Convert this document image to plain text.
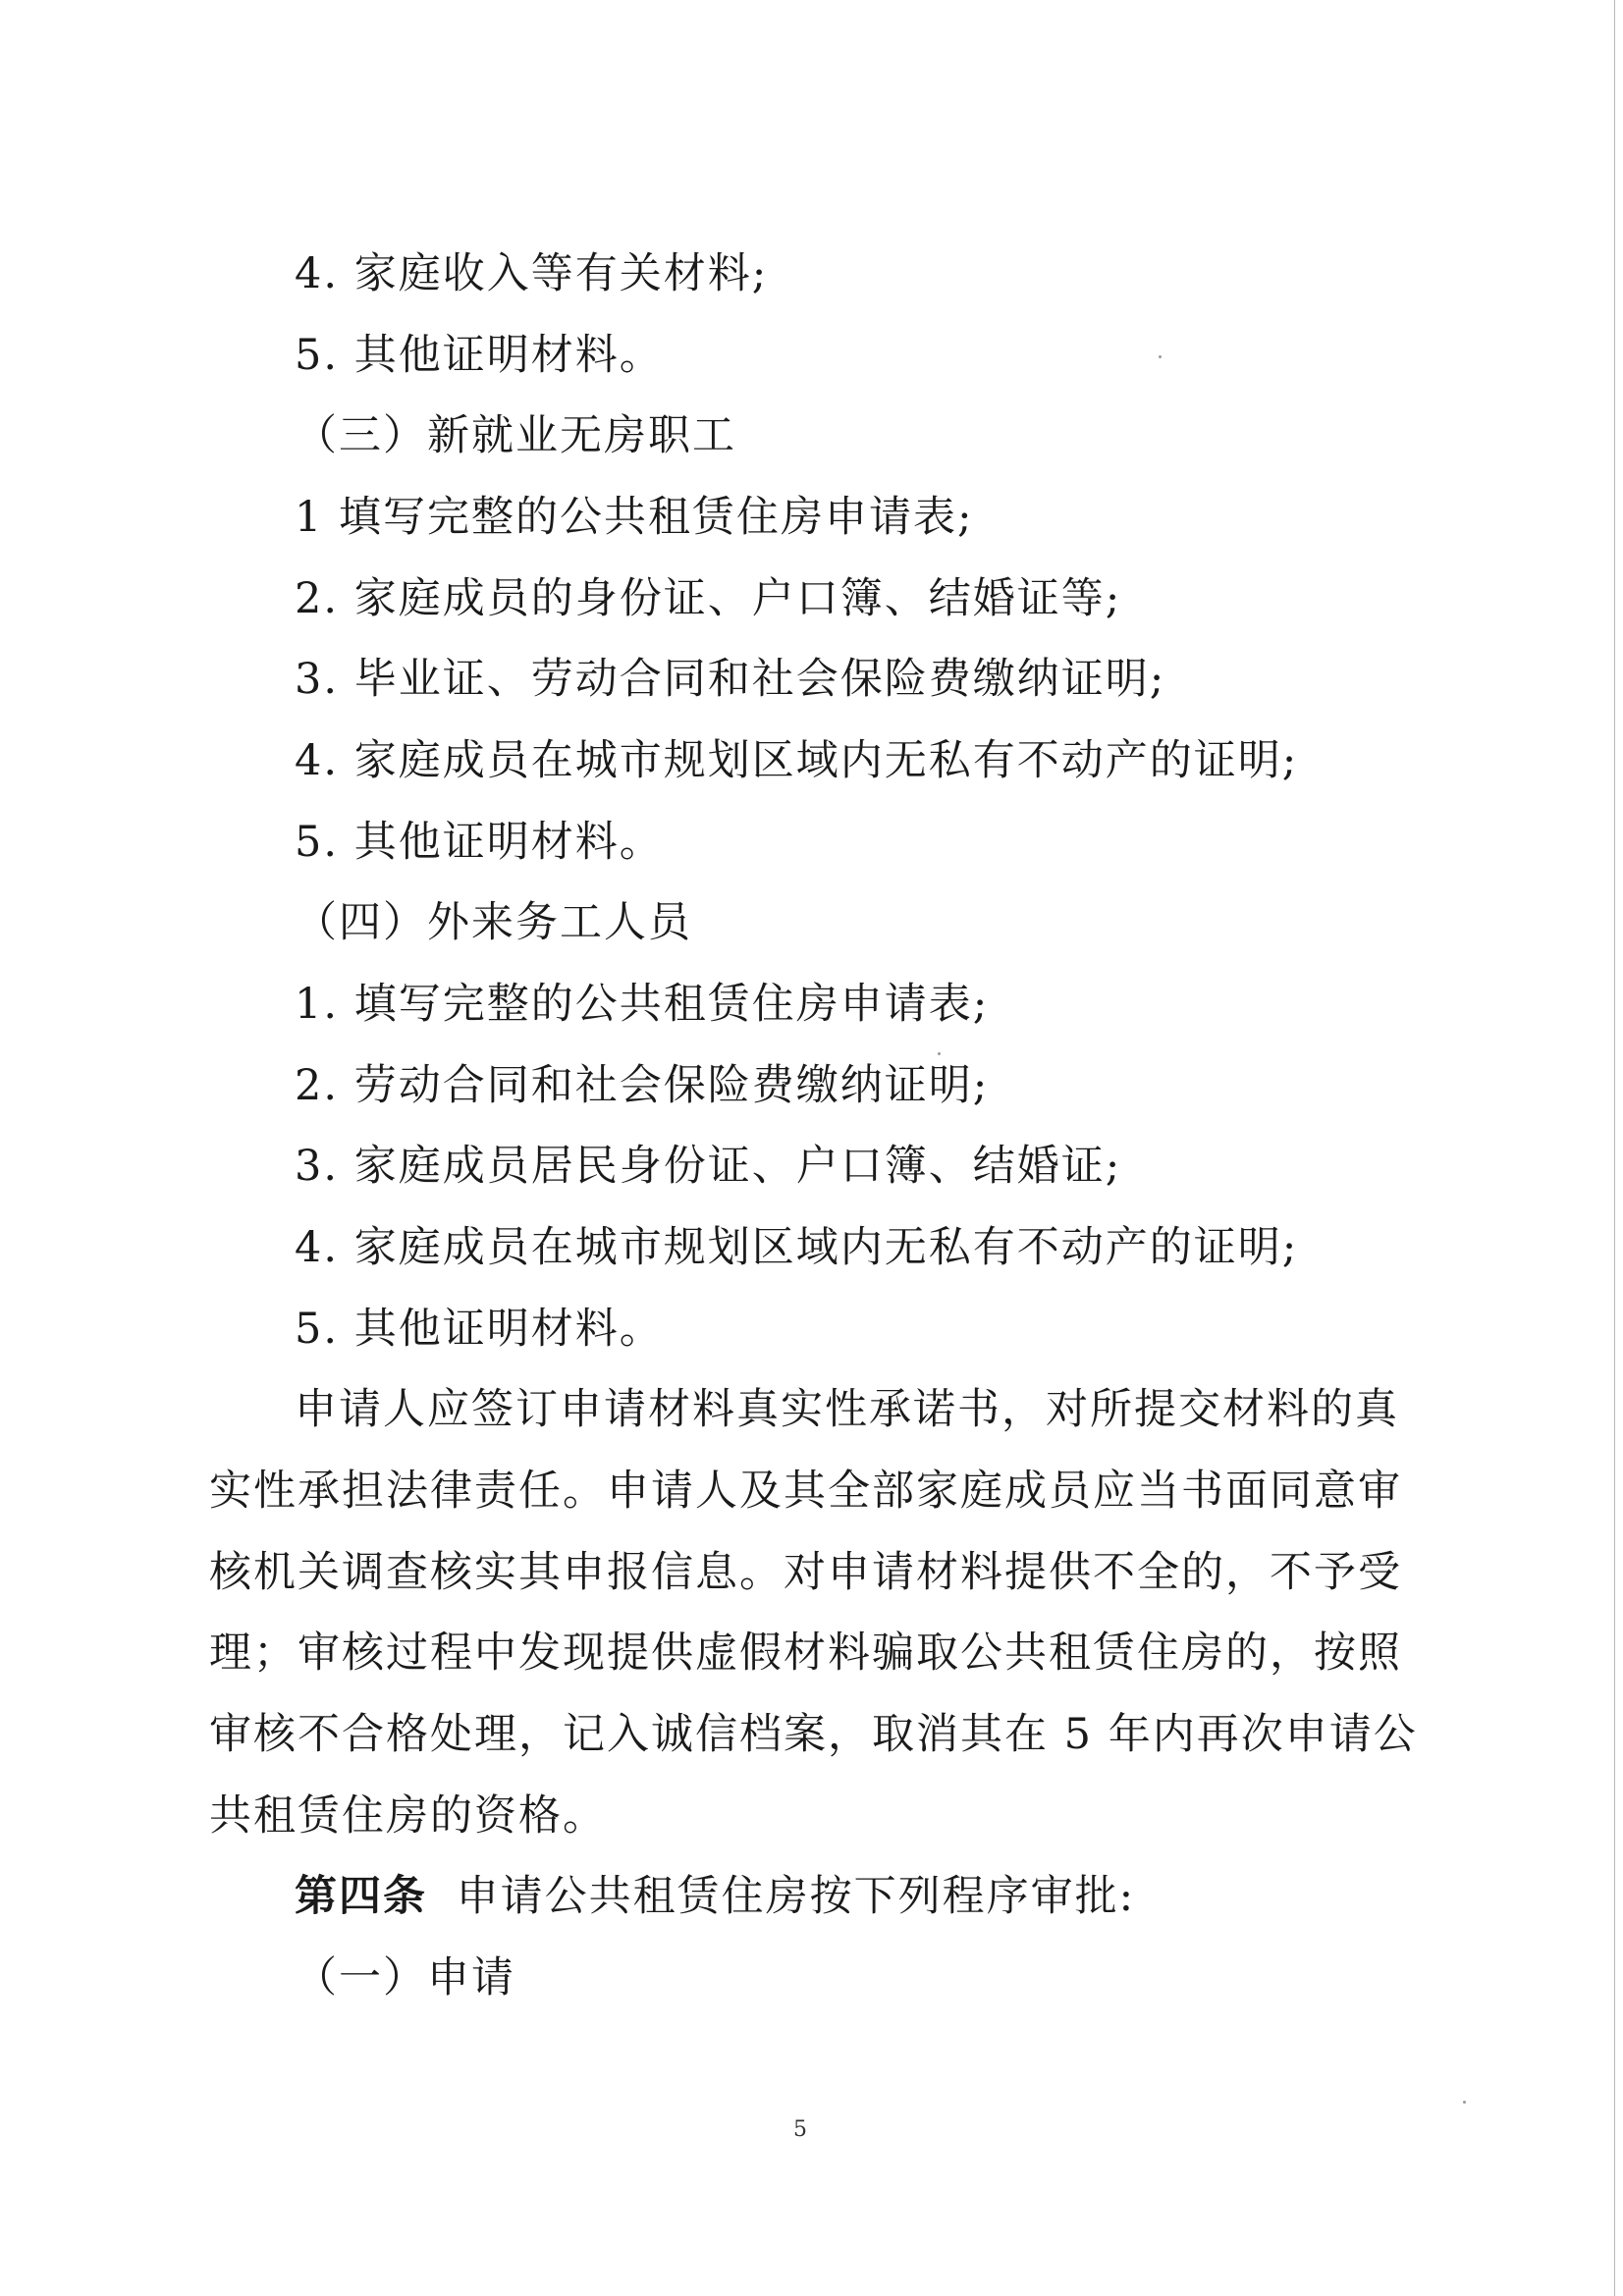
4. 家庭收入等有关材料;
5. 其他证明材料。
（三）新就业无房职工
1 填写完整的公共租赁住房申请表;
2. 家庭成员的身份证、户口簿、结婚证等;
3. 毕业证、劳动合同和社会保险费缴纳证明;
4. 家庭成员在城市规划区域内无私有不动产的证明;
5. 其他证明材料。
（四）外来务工人员
1. 填写完整的公共租赁住房申请表;
2. 劳动合同和社会保险费缴纳证明;
3. 家庭成员居民身份证、户口簿、结婚证;
4. 家庭成员在城市规划区域内无私有不动产的证明;
5. 其他证明材料。
申请人应签订申请材料真实性承诺书，对所提交材料的真
实性承担法律责任。申请人及其全部家庭成员应当书面同意审
核机关调查核实其申报信息。对申请材料提供不全的，不予受
理；审核过程中发现提供虚假材料骗取公共租赁住房的，按照
审核不合格处理，记入诚信档案，取消其在 5 年内再次申请公
共租赁住房的资格。
第四条 申请公共租赁住房按下列程序审批:
（一）申请
5
